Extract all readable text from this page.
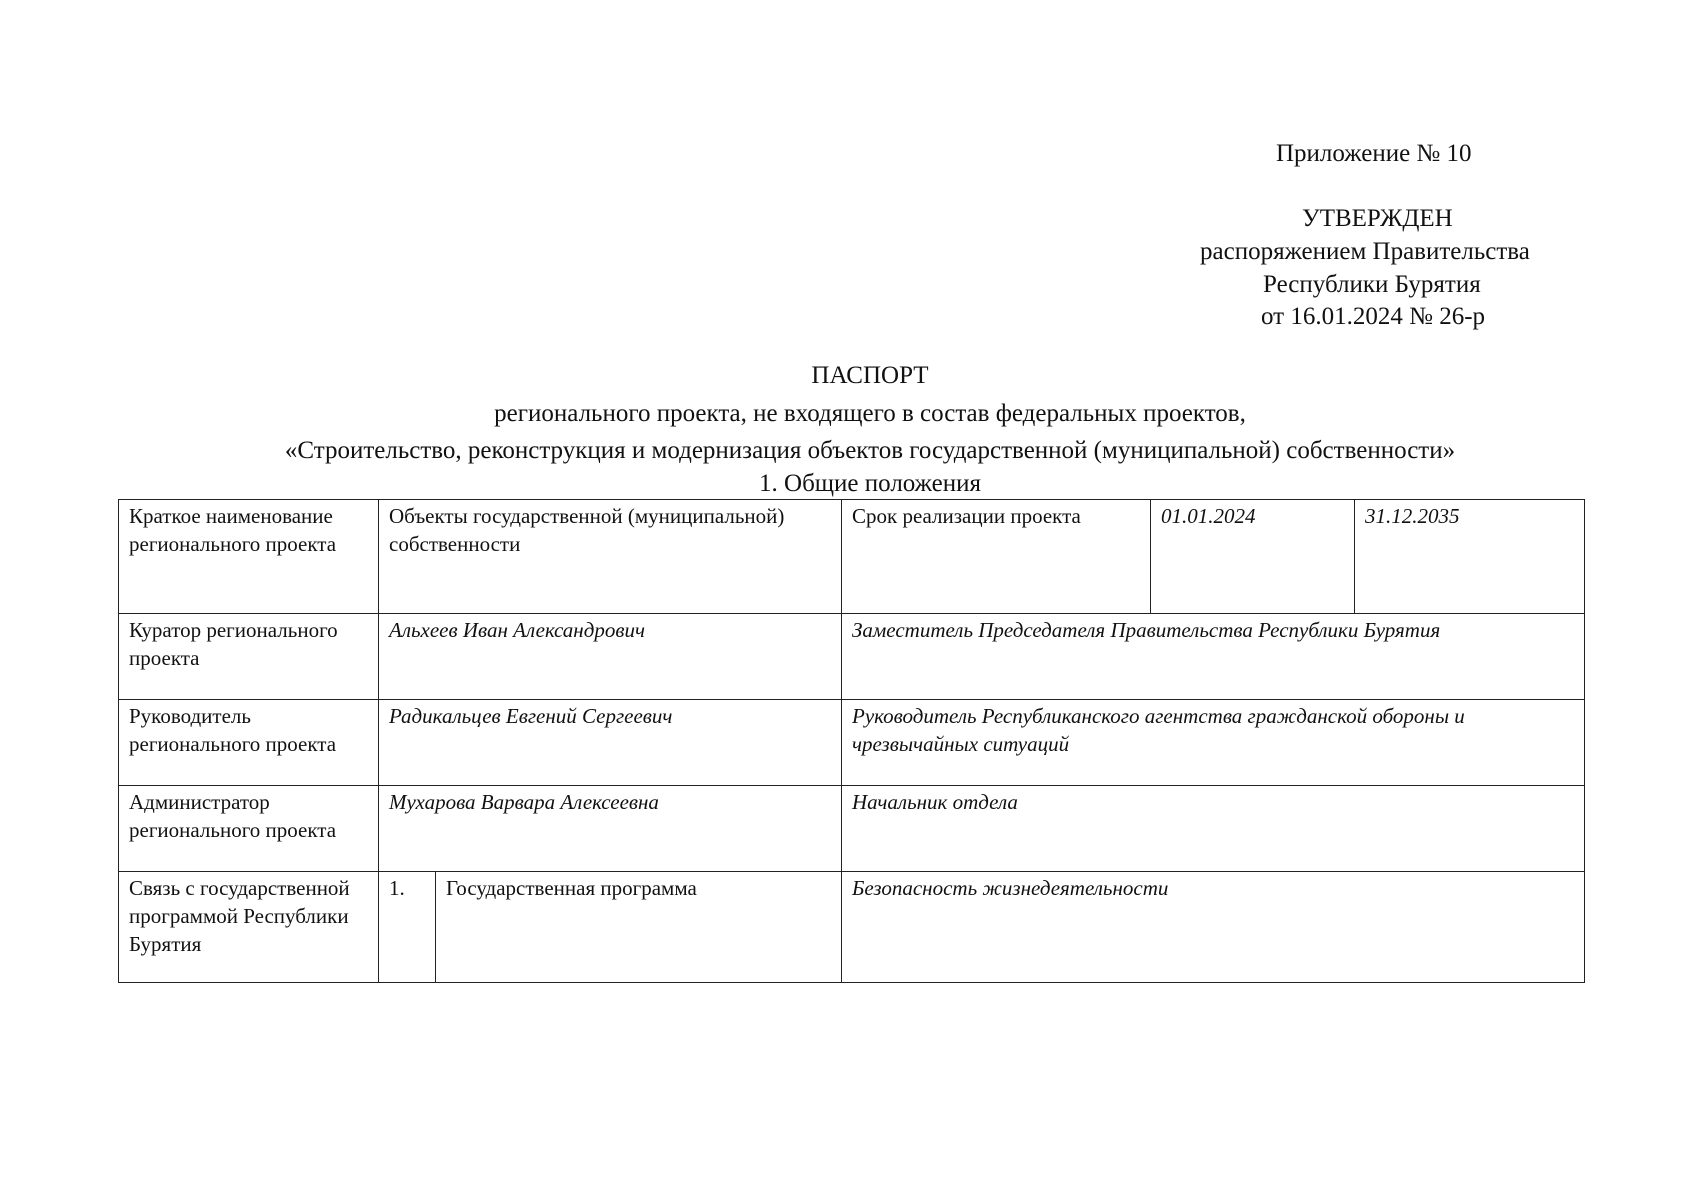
Приложение № 10
УТВЕРЖДЕН
распоряжением Правительства
Республики Бурятия
от 16.01.2024 № 26-р
ПАСПОРТ
регионального проекта, не входящего в состав федеральных проектов,
«Строительство, реконструкция и модернизация объектов государственной (муниципальной) собственности»
1. Общие положения
Краткое наименование регионального проекта	Объекты государственной (муниципальной) собственности		Срок реализации проекта	01.01.2024	31.12.2035
Куратор регионального проекта	Альхеев Иван Александрович		Заместитель Председателя Правительства Республики Бурятия		
Руководитель регионального проекта	Радикальцев Евгений Сергеевич		Руководитель Республиканского агентства гражданской обороны и чрезвычайных ситуаций		
Администратор регионального проекта	Мухарова Варвара Алексеевна		Начальник отдела		
Связь с государственной программой Республики Бурятия	1.	Государственная программа	Безопасность жизнедеятельности		
